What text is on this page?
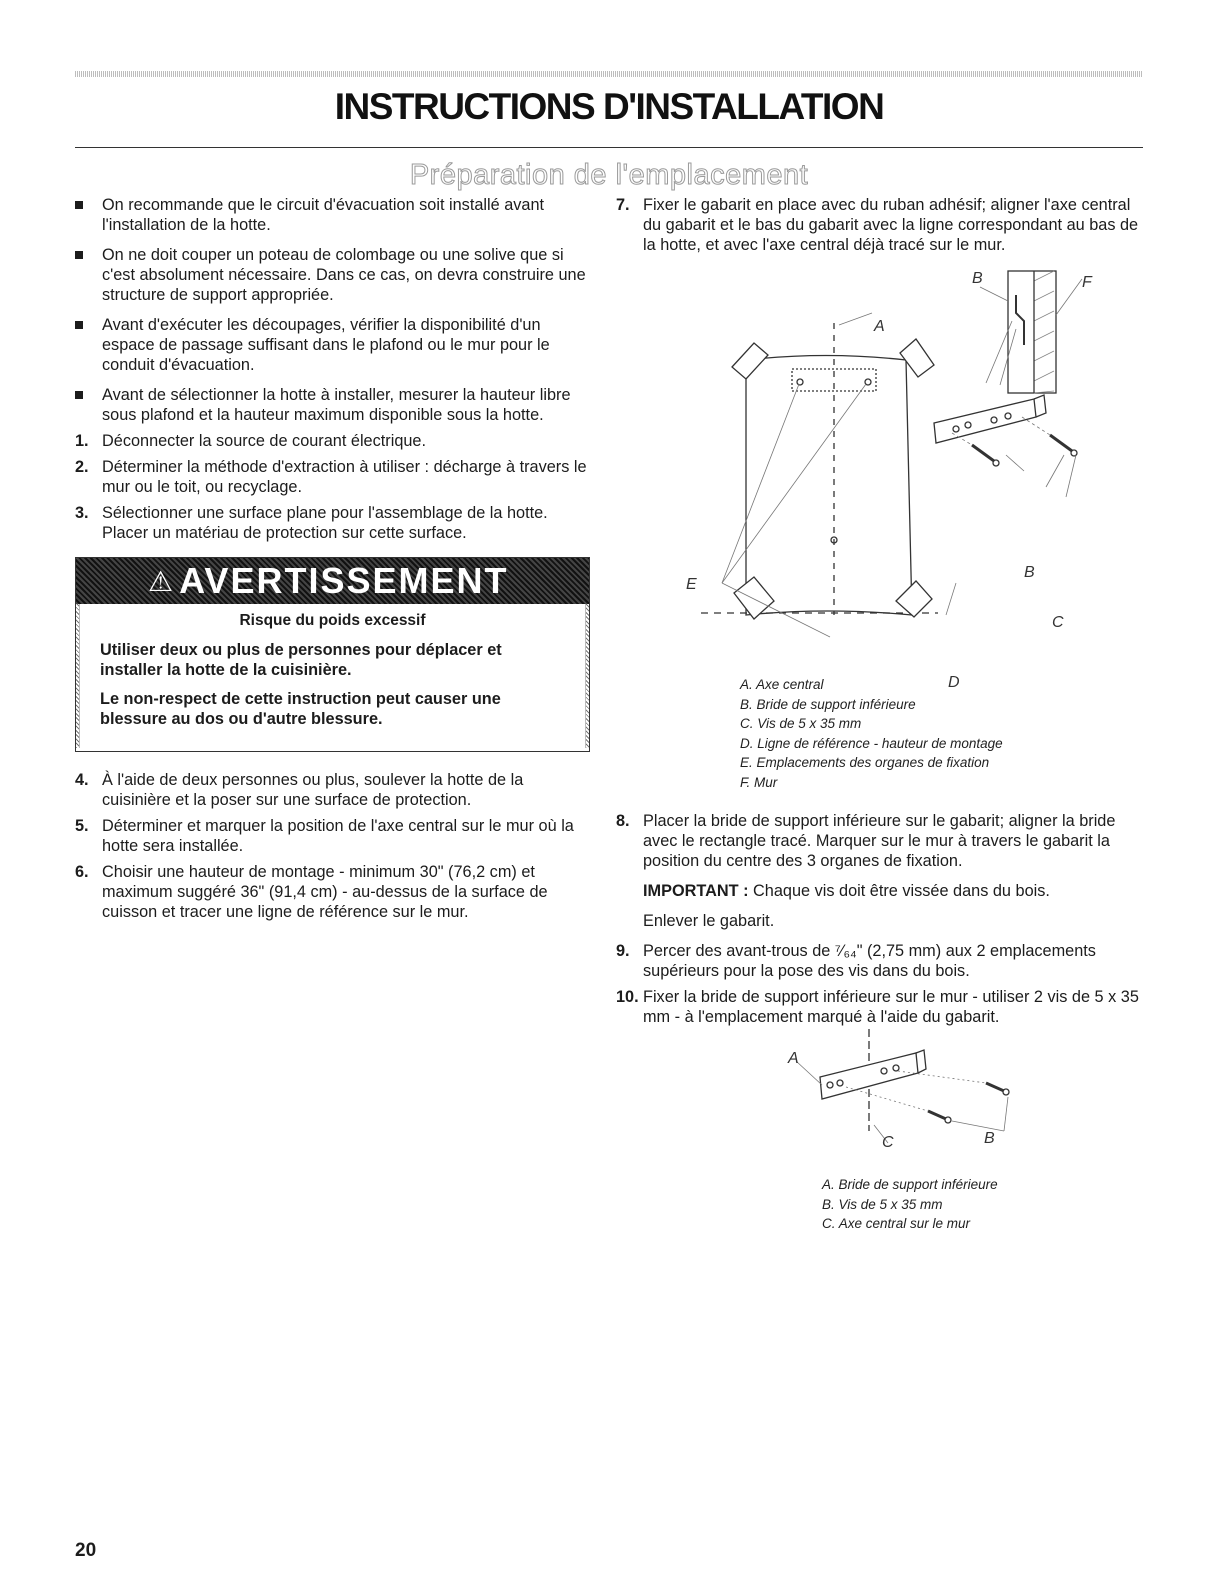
INSTRUCTIONS D'INSTALLATION
Préparation de l'emplacement

On recommande que le circuit d'évacuation soit installé avant l'installation de la hotte.

On ne doit couper un poteau de colombage ou une solive que si c'est absolument nécessaire. Dans ce cas, on devra construire une structure de support appropriée.

Avant d'exécuter les découpages, vérifier la disponibilité d'un espace de passage suffisant dans le plafond ou le mur pour le conduit d'évacuation.

Avant de sélectionner la hotte à installer, mesurer la hauteur libre sous plafond et la hauteur maximum disponible sous la hotte.

1. Déconnecter la source de courant électrique.

2. Déterminer la méthode d'extraction à utiliser : décharge à travers le mur ou le toit, ou recyclage.

3. Sélectionner une surface plane pour l'assemblage de la hotte. Placer un matériau de protection sur cette surface.

⚠ AVERTISSEMENT
Risque du poids excessif
Utiliser deux ou plus de personnes pour déplacer et installer la hotte de la cuisinière.
Le non-respect de cette instruction peut causer une blessure au dos ou d'autre blessure.
4. À l'aide de deux personnes ou plus, soulever la hotte de la cuisinière et la poser sur une surface de protection.

5. Déterminer et marquer la position de l'axe central sur le mur où la hotte sera installée.

6. Choisir une hauteur de montage - minimum 30" (76,2 cm) et maximum suggéré 36" (91,4 cm) - au-dessus de la surface de cuisson et tracer une ligne de référence sur le mur.

7. Fixer le gabarit en place avec du ruban adhésif; aligner l'axe central du gabarit et le bas du gabarit avec la ligne correspondant au bas de la hotte, et avec l'axe central déjà tracé sur le mur.

B	F
A
E
B
C
D
A. Axe central
B. Bride de support inférieure
C. Vis de 5 x 35 mm
D. Ligne de référence - hauteur de montage
E. Emplacements des organes de fixation
F. Mur
8. Placer la bride de support inférieure sur le gabarit; aligner la bride avec le rectangle tracé. Marquer sur le mur à travers le gabarit la position du centre des 3 organes de fixation.

IMPORTANT : Chaque vis doit être vissée dans du bois.

Enlever le gabarit.

9. Percer des avant-trous de ⁷⁄₆₄" (2,75 mm) aux 2 emplacements supérieurs pour la pose des vis dans du bois.

10. Fixer la bride de support inférieure sur le mur - utiliser 2 vis de 5 x 35 mm - à l'emplacement marqué à l'aide du gabarit.

A
C	B
A. Bride de support inférieure
B. Vis de 5 x 35 mm
C. Axe central sur le mur
20
